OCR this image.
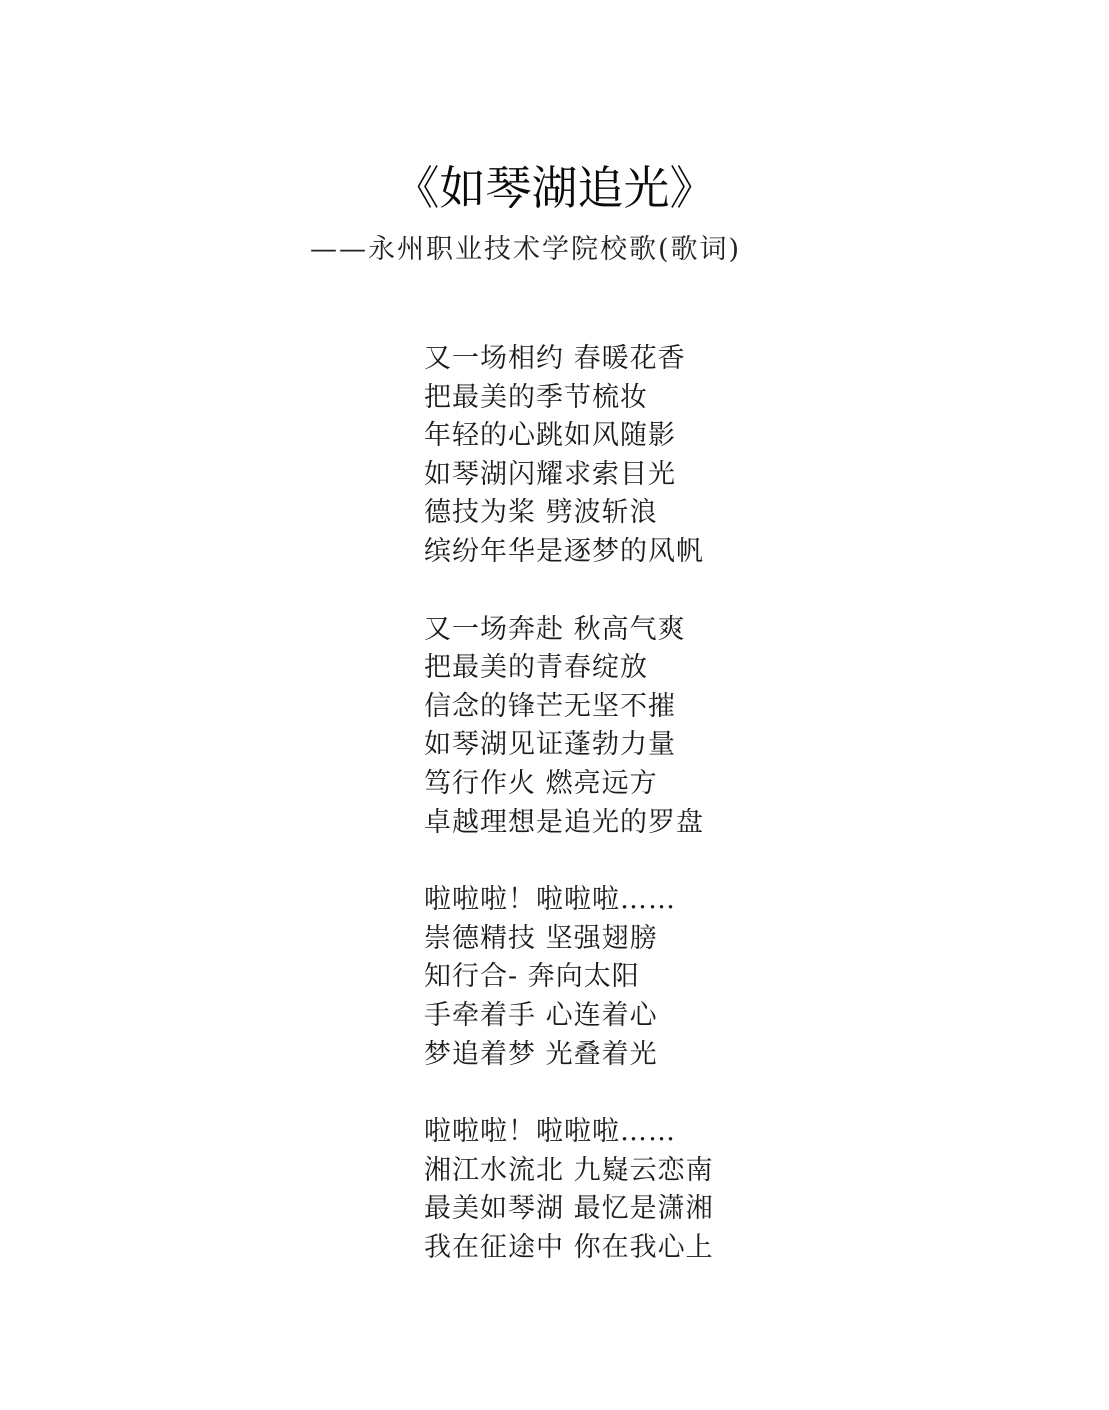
《如琴湖追光》
——永州职业技术学院校歌(歌词)
又一场相约 春暖花香
把最美的季节梳妆
年轻的心跳如风随影
如琴湖闪耀求索目光
德技为桨 劈波斩浪
缤纷年华是逐梦的风帆
又一场奔赴 秋高气爽
把最美的青春绽放
信念的锋芒无坚不摧
如琴湖见证蓬勃力量
笃行作火 燃亮远方
卓越理想是追光的罗盘
啦啦啦！啦啦啦……
崇德精技 坚强翅膀
知行合- 奔向太阳
手牵着手 心连着心
梦追着梦 光叠着光
啦啦啦！啦啦啦……
湘江水流北 九嶷云恋南
最美如琴湖 最忆是潇湘
我在征途中 你在我心上
